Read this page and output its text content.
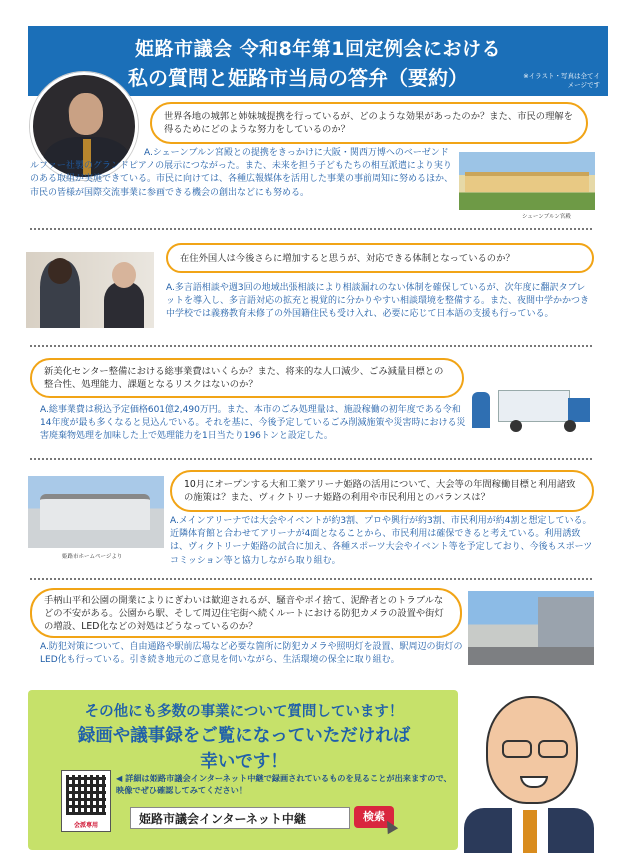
姫路市議会 令和8年第1回定例会における
私の質問と姫路市当局の答弁（要約）	※イラスト・写真は全てイメージです
世界各地の城郭と姉妹城提携を行っているが、どのような効果があったのか？また、市民の理解を得るためにどのような努力をしているのか？
A.シェーンブルン宮殿との提携をきっかけに大阪・関西万博へのベーゼンドルファー社製のグランドピアノの展示につながった。また、未来を担う子どもたちの相互派遣により実りのある取組が実施できている。市民に向けては、各種広報媒体を活用した事業の事前周知に努めるほか、市民の皆様が国際交流事業に参画できる機会の創出などにも努める。
シェーンブルン宮殿
在住外国人は今後さらに増加すると思うが、対応できる体制となっているのか？
A.多言語相談や週3回の地域出張相談により相談漏れのない体制を確保しているが、次年度に翻訳タブレットを導入し、多言語対応の拡充と視覚的に分かりやすい相談環境を整備する。また、夜間中学かかつき中学校では義務教育未修了の外国籍住民も受け入れ、必要に応じて日本語の支援も行っている。
新美化センター整備における総事業費はいくらか？また、将来的な人口減少、ごみ減量目標との整合性、処理能力、課題となるリスクはないのか？
A.総事業費は税込予定価格601億2,490万円。また、本市のごみ処理量は、施設稼働の初年度である令和14年度が最も多くなると見込んでいる。それを基に、今後予定しているごみ削減施策や災害時における災害廃棄物処理を加味した上で処理能力を1日当たり196トンと設定した。
姫路市ホームページより
10月にオープンする大和工業アリーナ姫路の活用について、大会等の年間稼働目標と利用諸致の施策は？また、ヴィクトリーナ姫路の利用や市民利用とのバランスは？
A.メインアリーナでは大会やイベントが約3割、プロや興行が約3割、市民利用が約4割と想定している。近隣体育館と合わせてアリーナが4面となることから、市民利用は確保できると考えている。利用誘致は、ヴィクトリーナ姫路の試合に加え、各種スポーツ大会やイベント等を予定しており、今後もスポーツコミッション等と協力しながら取り組む。
手柄山平和公園の開業によりにぎわいは歓迎されるが、騒音やポイ捨て、泥酔者とのトラブルなどの不安がある。公園から駅、そして周辺住宅街へ続くルートにおける防犯カメラの設置や街灯の増設、LED化などの対処はどうなっているのか？
A.防犯対策について、自由通路や駅前広場など必要な箇所に防犯カメラや照明灯を設置、駅周辺の街灯のLED化も行っている。引き続き地元のご意見を伺いながら、生活環境の保全に取り組む。
その他にも多数の事業について質問しています！
録画や議事録をご覧になっていただければ
幸いです！
会派専用
◀ 詳細は姫路市議会インターネット中継で録画されているものを見ることが出来ますので、映像でぜひ確認してみてください！
姫路市議会インターネット中継	検索
